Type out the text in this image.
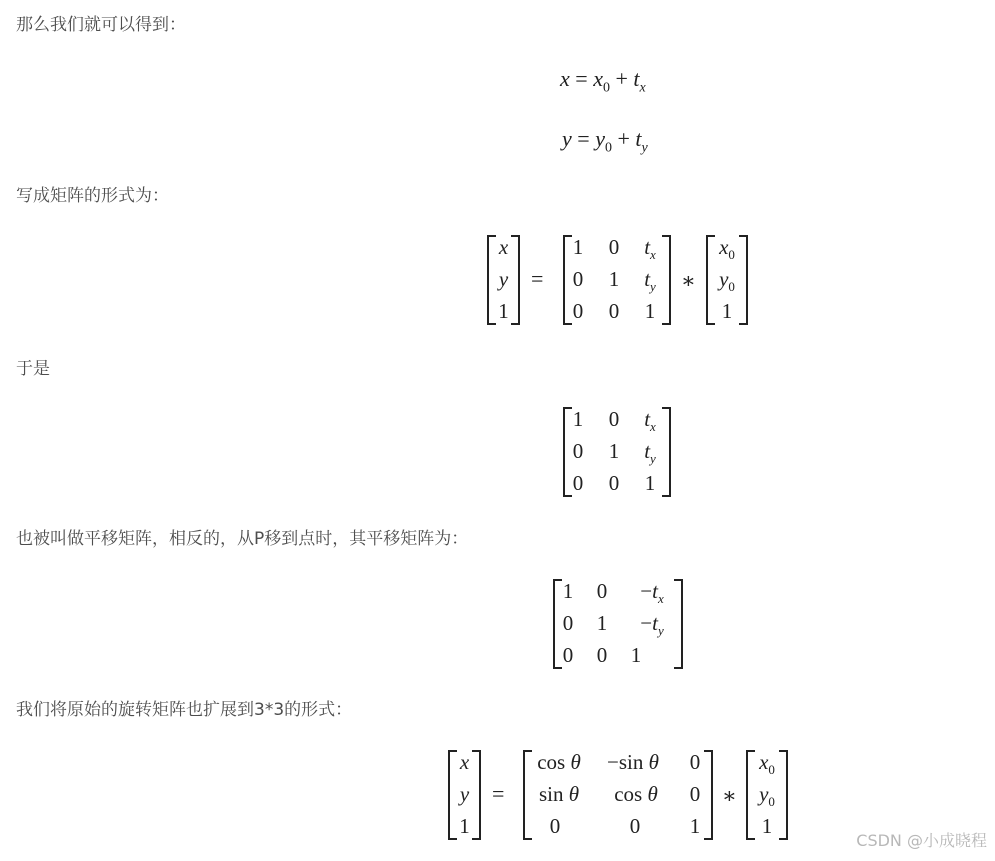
那么我们就可以得到：
$x = x_0 + t_x$
$y = y_0 + t_y$
写成矩阵的形式为：
x
y
1
=
1 0	$t_x$
0 1	$t_y$
0 0 1
∗
$x_0$
$y_0$
1
于是
1 0	$t_x$
0 1	$t_y$
0 0 1
也被叫做平移矩阵，相反的，从P移到点时，其平移矩阵为：
1 0	$-t_x$
0 1	$-t_y$
0 0 1
我们将原始的旋转矩阵也扩展到3*3的形式：
x
y
1
=
cos θ	−sin θ	0
sin θ	cos θ	0
0	0	1
∗
$x_0$
$y_0$
1
CSDN @小成晓程
